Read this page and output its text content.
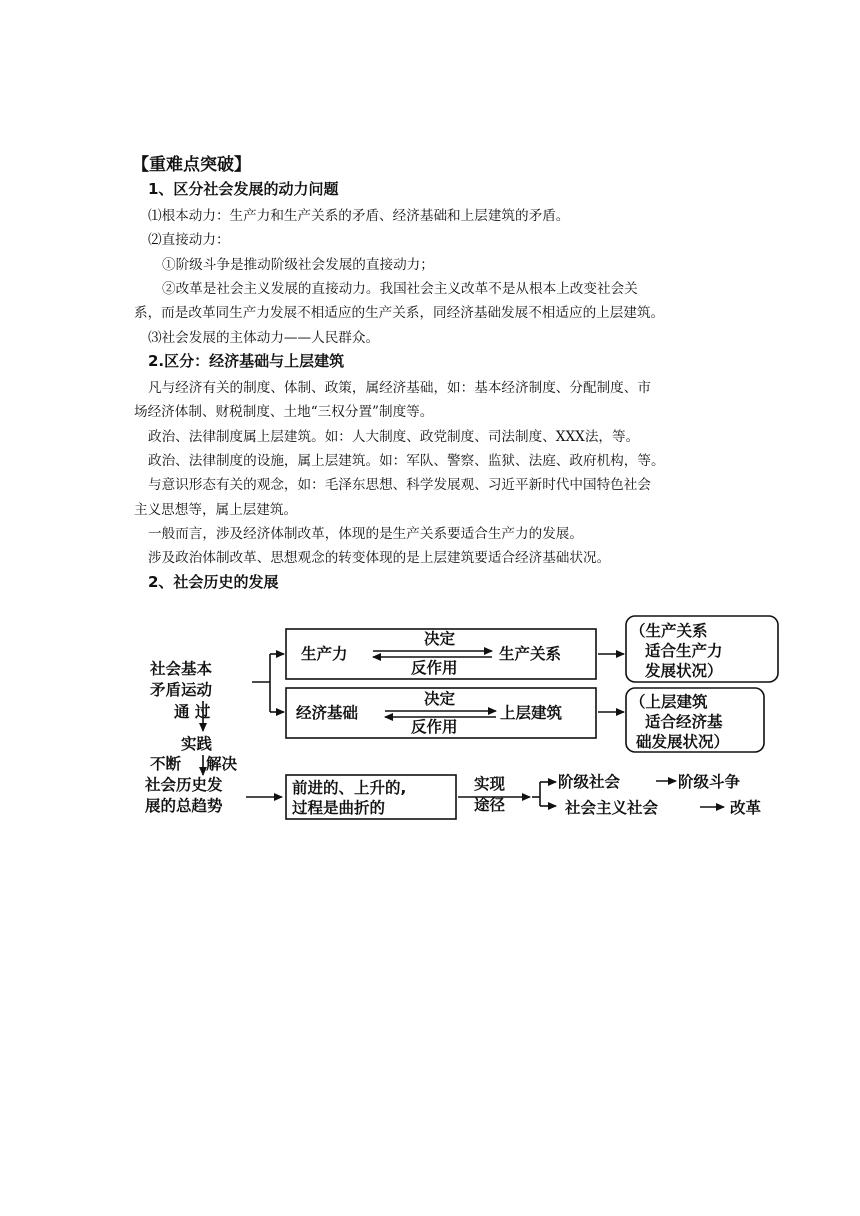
【重难点突破】
1、区分社会发展的动力问题
⑴根本动力：生产力和生产关系的矛盾、经济基础和上层建筑的矛盾。
⑵直接动力：
①阶级斗争是推动阶级社会发展的直接动力；
②改革是社会主义发展的直接动力。我国社会主义改革不是从根本上改变社会关
系，而是改革同生产力发展不相适应的生产关系，同经济基础发展不相适应的上层建筑。
⑶社会发展的主体动力——人民群众。
2.区分：经济基础与上层建筑
凡与经济有关的制度、体制、政策，属经济基础，如：基本经济制度、分配制度、市
场经济体制、财税制度、土地“三权分置”制度等。
政治、法律制度属上层建筑。如：人大制度、政党制度、司法制度、XXX法，等。
政治、法律制度的设施，属上层建筑。如：军队、警察、监狱、法庭、政府机构，等。
与意识形态有关的观念，如：毛泽东思想、科学发展观、习近平新时代中国特色社会
主义思想等，属上层建筑。
一般而言，涉及经济体制改革，体现的是生产关系要适合生产力的发展。
涉及政治体制改革、思想观念的转变体现的是上层建筑要适合经济基础状况。
2、社会历史的发展
社会基本
矛盾运动
通 过
实践
不断 解决
社会历史发
展的总趋势
生产力
决定
反作用
生产关系
经济基础
决定
反作用
上层建筑
（生产关系
适合生产力
发展状况）
（上层建筑
适合经济基
础发展状况）
前进的、上升的,
过程是曲折的
实现
途径
阶级社会	阶级斗争
社会主义社会	改革
